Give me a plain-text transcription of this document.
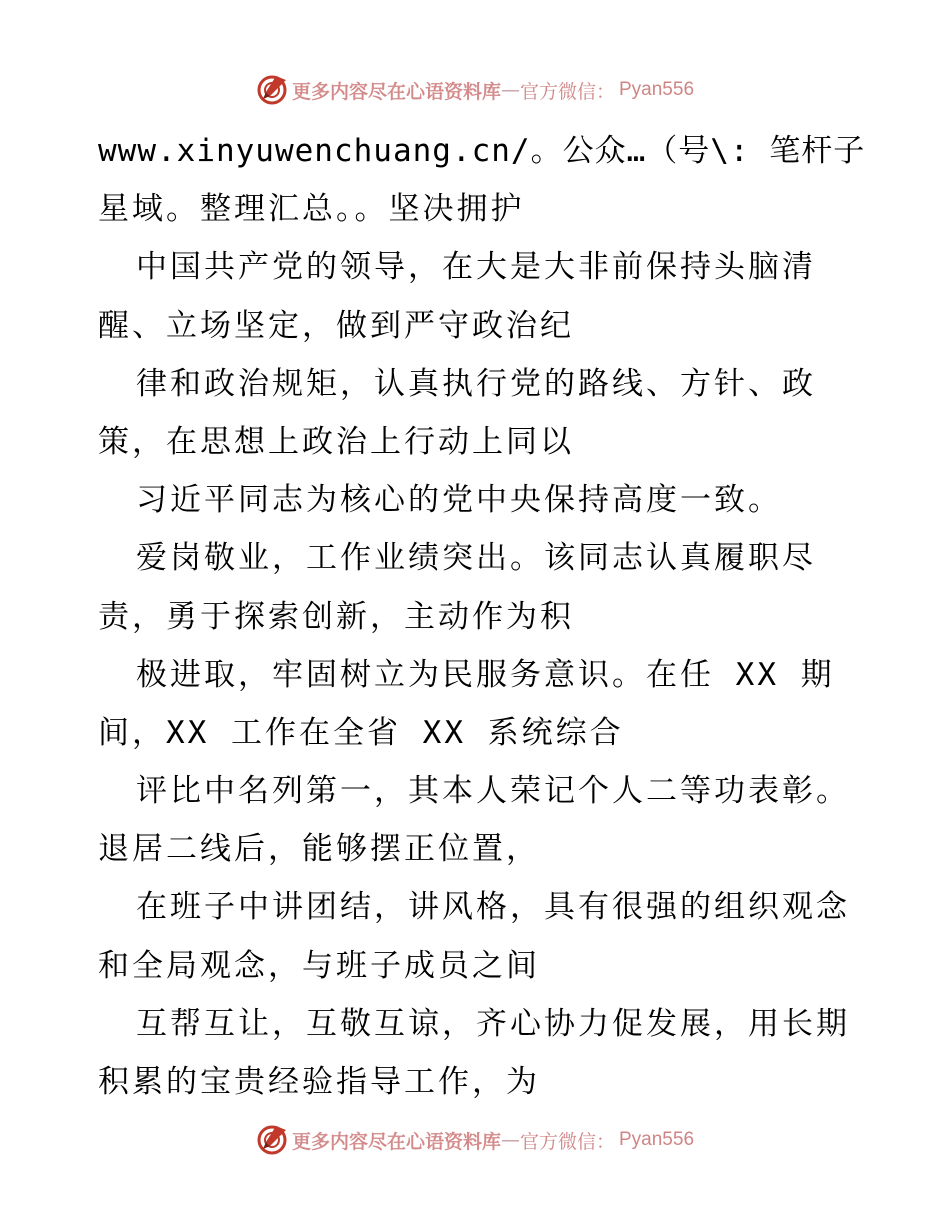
更多内容尽在心语资料库 — 官方微信： Pyan556
www.xinyuwenchuang.cn/。公众…（号\: 笔杆子
星域。整理汇总。。坚决拥护
中国共产党的领导，在大是大非前保持头脑清
醒、立场坚定，做到严守政治纪
律和政治规矩，认真执行党的路线、方针、政
策，在思想上政治上行动上同以
习近平同志为核心的党中央保持高度一致。
爱岗敬业，工作业绩突出。该同志认真履职尽
责，勇于探索创新，主动作为积
极进取，牢固树立为民服务意识。在任 XX 期
间，XX 工作在全省 XX 系统综合
评比中名列第一，其本人荣记个人二等功表彰。
退居二线后，能够摆正位置，
在班子中讲团结，讲风格，具有很强的组织观念
和全局观念，与班子成员之间
互帮互让，互敬互谅，齐心协力促发展，用长期
积累的宝贵经验指导工作，为
更多内容尽在心语资料库 — 官方微信： Pyan556
